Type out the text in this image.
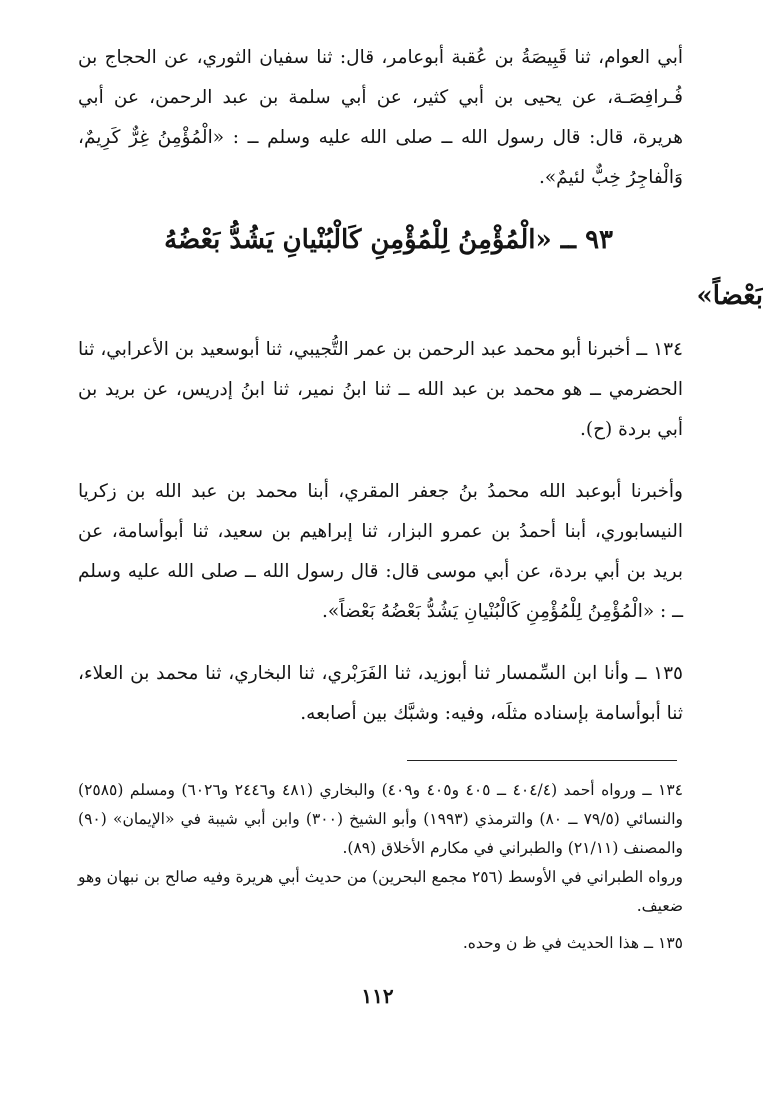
أبي العوام، ثنا قَبِيصَةُ بن عُقبة أبوعامر، قال: ثنا سفيان الثوري، عن الحجاج بن فُـرافِصَـة، عن يحيى بن أبي كثير، عن أبي سلمة بن عبد الرحمن، عن أبي هريرة، قال: قال رسول الله ــ صلى الله عليه وسلم ــ : «الْمُؤْمِنُ غِرٌّ كَرِيمٌ، وَالْفاجِرُ خِبٌّ لئيمٌ».

٩٣ ــ «الْمُؤْمِنُ لِلْمُؤْمِنِ كَالْبُنْيانِ يَشُدُّ بَعْضُهُ
بَعْضاً»

١٣٤ ــ أخبرنا أبو محمد عبد الرحمن بن عمر التُّجيبي، ثنا أبوسعيد بن الأعرابي، ثنا الحضرمي ــ هو محمد بن عبد الله ــ ثنا ابنُ نمير، ثنا ابنُ إدريس، عن بريد بن أبي بردة (ح).

وأخبرنا أبوعبد الله محمدُ بنُ جعفر المقري، أبنا محمد بن عبد الله بن زكريا النيسابوري، أبنا أحمدُ بن عمرو البزار، ثنا إبراهيم بن سعيد، ثنا أبوأسامة، عن بريد بن أبي بردة، عن أبي موسى قال: قال رسول الله ــ صلى الله عليه وسلم ــ : «الْمُؤْمِنُ لِلْمُؤْمِنِ كَالْبُنْيانِ يَشُدُّ بَعْضُهُ بَعْضاً».

١٣٥ ــ وأنا ابن السِّمسار ثنا أبوزيد، ثنا الفَرَبْري، ثنا البخاري، ثنا محمد بن العلاء، ثنا أبوأسامة بإسناده مثلَه، وفيه: وشبَّك بين أصابعه.

١٣٤ ــ ورواه أحمد (٤٠٤/٤ ــ ٤٠٥ و٤٠٥ و٤٠٩) والبخاري (٤٨١ و٢٤٤٦ و٦٠٢٦) ومسلم (٢٥٨٥) والنسائي (٧٩/٥ ــ ٨٠) والترمذي (١٩٩٣) وأبو الشيخ (٣٠٠) وابن أبي شيبة في «الإيمان» (٩٠) والمصنف (٢١/١١) والطبراني في مكارم الأخلاق (٨٩).

ورواه الطبراني في الأوسط (٢٥٦ مجمع البحرين) من حديث أبي هريرة وفيه صالح بن نبهان وهو ضعيف.

١٣٥ ــ هذا الحديث في ظ ن وحده.

١١٢
